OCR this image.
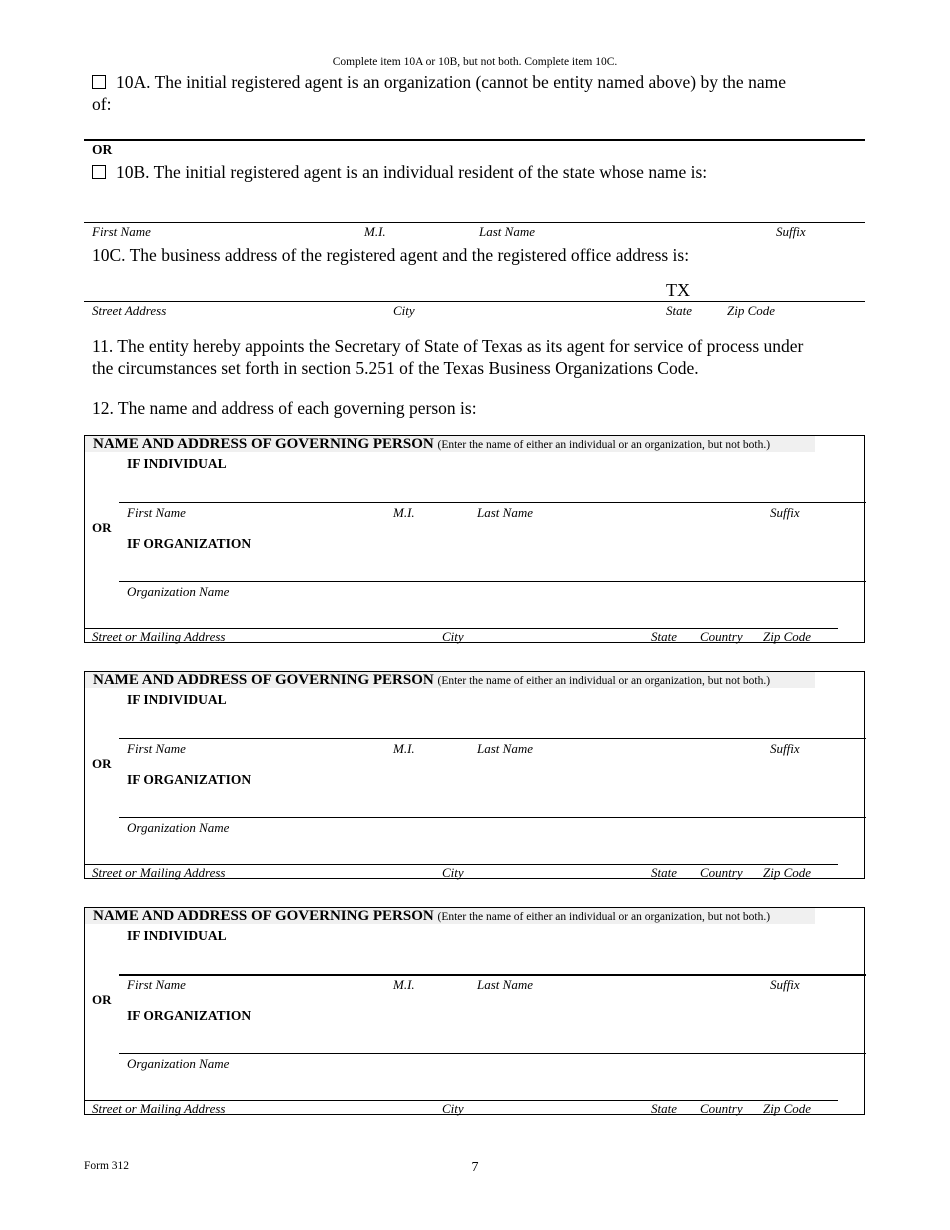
Complete item 10A or 10B, but not both. Complete item 10C.
10A. The initial registered agent is an organization (cannot be entity named above) by the name
of:
OR
10B. The initial registered agent is an individual resident of the state whose name is:
First Name	M.I.	Last Name	Suffix
10C. The business address of the registered agent and the registered office address is:
TX
Street Address	City	State	Zip Code
11. The entity hereby appoints the Secretary of State of Texas as its agent for service of process under
the circumstances set forth in section 5.251 of the Texas Business Organizations Code.
12. The name and address of each governing person is:
NAME AND ADDRESS OF GOVERNING PERSON (Enter the name of either an individual or an organization, but not both.)
IF INDIVIDUAL
First Name	M.I.	Last Name	Suffix
OR
IF ORGANIZATION
Organization Name
Street or Mailing Address	City	State Country Zip Code
NAME AND ADDRESS OF GOVERNING PERSON (Enter the name of either an individual or an organization, but not both.)
IF INDIVIDUAL
First Name	M.I.	Last Name	Suffix
OR
IF ORGANIZATION
Organization Name
Street or Mailing Address	City	State Country Zip Code
NAME AND ADDRESS OF GOVERNING PERSON (Enter the name of either an individual or an organization, but not both.)
IF INDIVIDUAL
First Name	M.I.	Last Name	Suffix
OR
IF ORGANIZATION
Organization Name
Street or Mailing Address	City	State Country Zip Code
Form 312	7
